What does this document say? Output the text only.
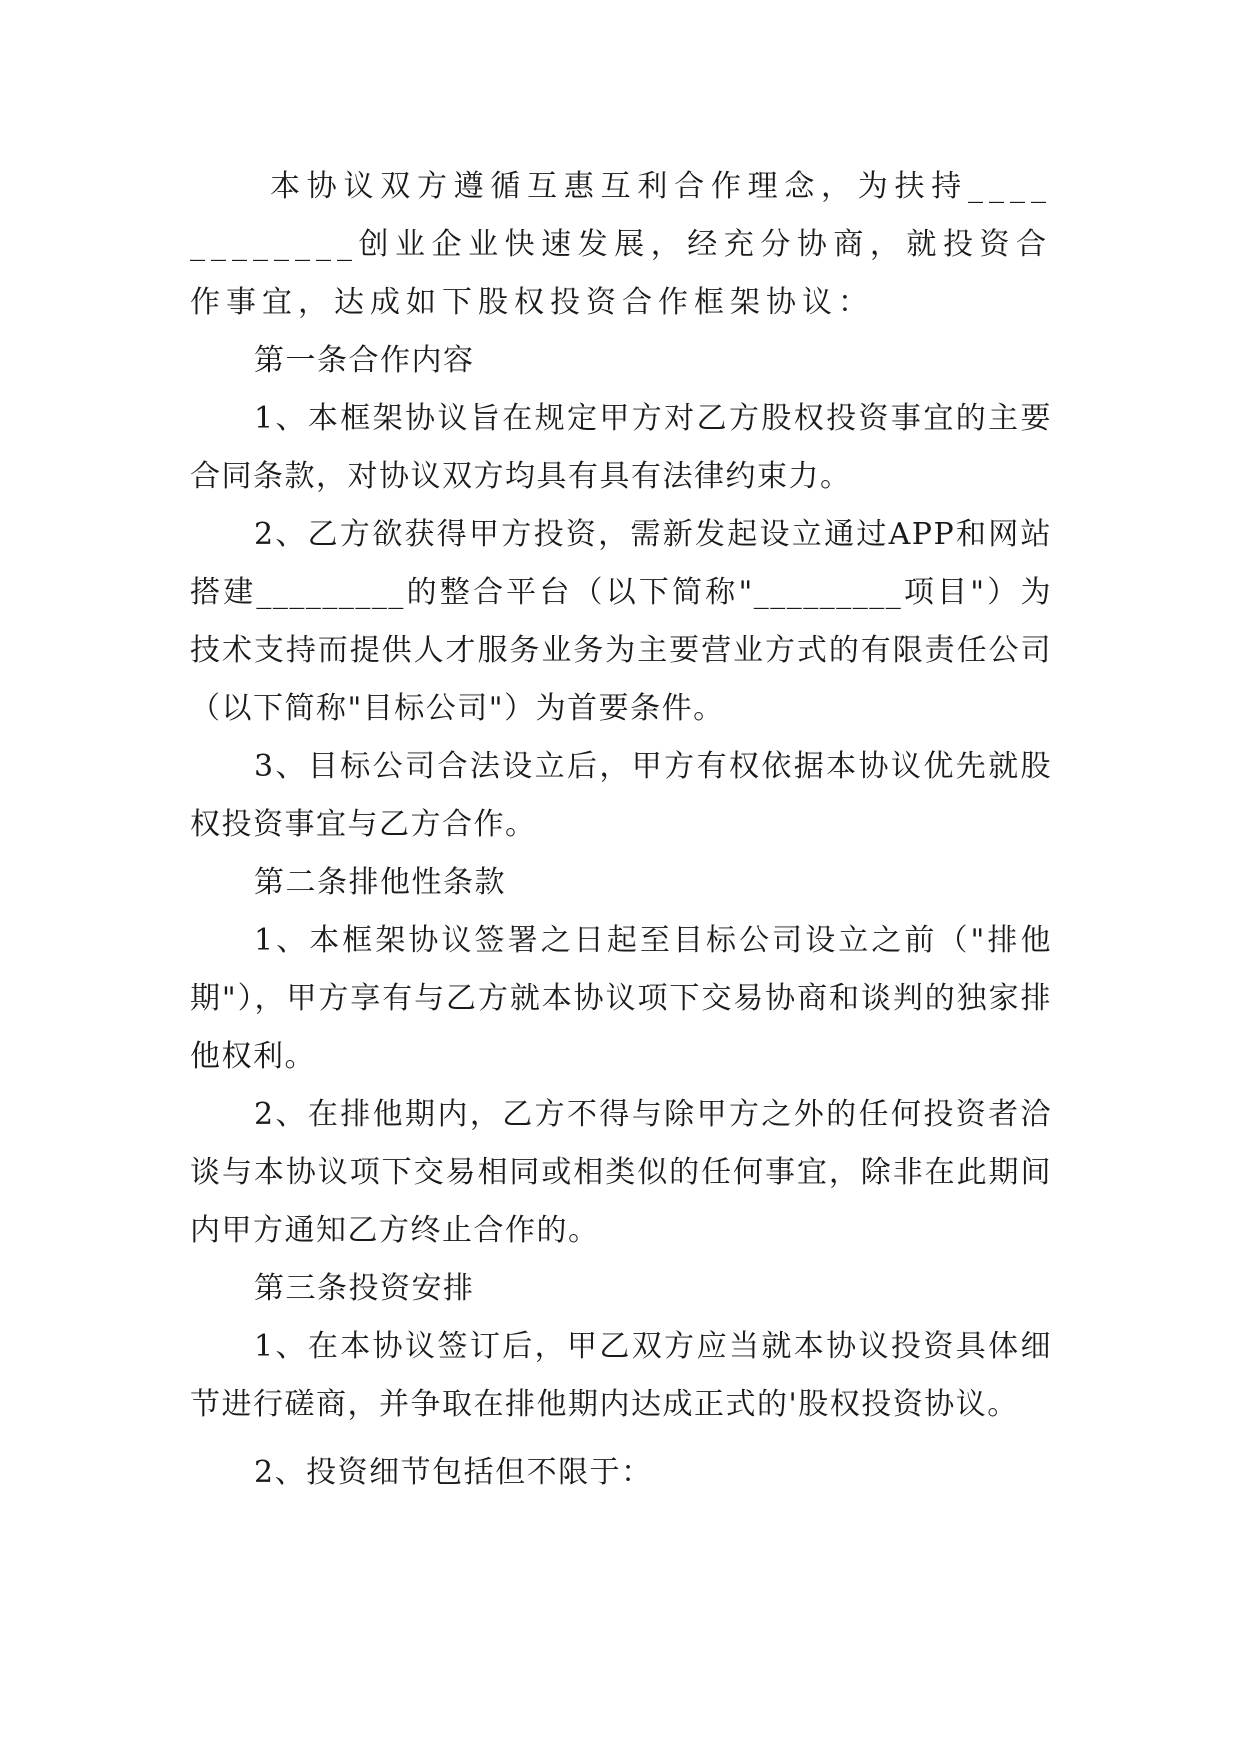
本协议双方遵循互惠互利合作理念，为扶持____________创业企业快速发展，经充分协商，就投资合作事宜，达成如下股权投资合作框架协议：

第一条合作内容

1、本框架协议旨在规定甲方对乙方股权投资事宜的主要合同条款，对协议双方均具有具有法律约束力。

2、乙方欲获得甲方投资，需新发起设立通过APP和网站搭建_________的整合平台（以下简称"_________项目"）为技术支持而提供人才服务业务为主要营业方式的有限责任公司（以下简称"目标公司"）为首要条件。

3、目标公司合法设立后，甲方有权依据本协议优先就股权投资事宜与乙方合作。

第二条排他性条款

1、本框架协议签署之日起至目标公司设立之前（"排他期"），甲方享有与乙方就本协议项下交易协商和谈判的独家排他权利。

2、在排他期内，乙方不得与除甲方之外的任何投资者洽谈与本协议项下交易相同或相类似的任何事宜，除非在此期间内甲方通知乙方终止合作的。

第三条投资安排

1、在本协议签订后，甲乙双方应当就本协议投资具体细节进行磋商，并争取在排他期内达成正式的'股权投资协议。

2、投资细节包括但不限于：
